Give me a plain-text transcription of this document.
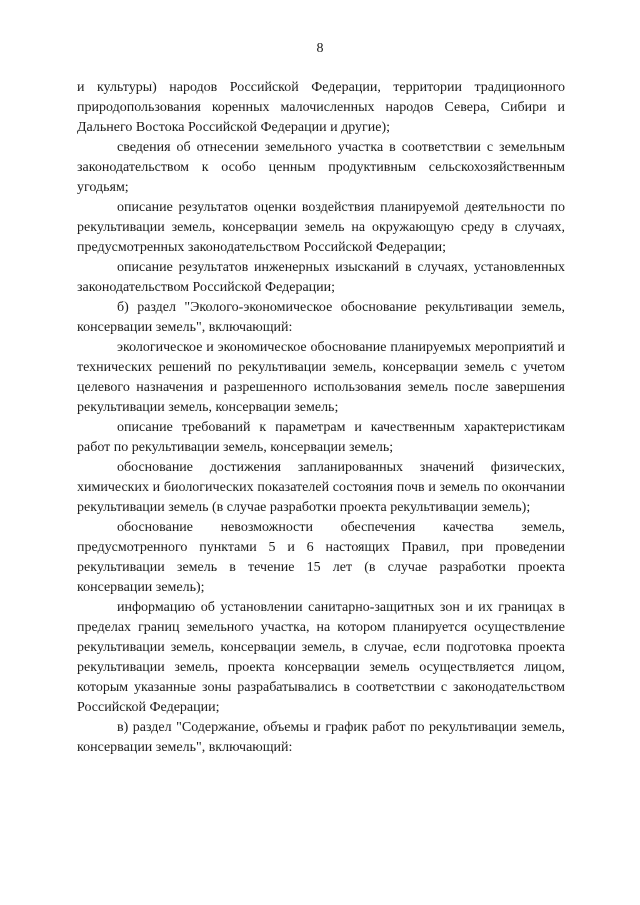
8

и культуры) народов Российской Федерации, территории традиционного природопользования коренных малочисленных народов Севера, Сибири и Дальнего Востока Российской Федерации и другие);

сведения об отнесении земельного участка в соответствии с земельным законодательством к особо ценным продуктивным сельскохозяйственным угодьям;

описание результатов оценки воздействия планируемой деятельности по рекультивации земель, консервации земель на окружающую среду в случаях, предусмотренных законодательством Российской Федерации;

описание результатов инженерных изысканий в случаях, установленных законодательством Российской Федерации;

б) раздел "Эколого-экономическое обоснование рекультивации земель, консервации земель", включающий:

экологическое и экономическое обоснование планируемых мероприятий и технических решений по рекультивации земель, консервации земель с учетом целевого назначения и разрешенного использования земель после завершения рекультивации земель, консервации земель;

описание требований к параметрам и качественным характеристикам работ по рекультивации земель, консервации земель;

обоснование достижения запланированных значений физических, химических и биологических показателей состояния почв и земель по окончании рекультивации земель (в случае разработки проекта рекультивации земель);

обоснование невозможности обеспечения качества земель, предусмотренного пунктами 5 и 6 настоящих Правил, при проведении рекультивации земель в течение 15 лет (в случае разработки проекта консервации земель);

информацию об установлении санитарно-защитных зон и их границах в пределах границ земельного участка, на котором планируется осуществление рекультивации земель, консервации земель, в случае, если подготовка проекта рекультивации земель, проекта консервации земель осуществляется лицом, которым указанные зоны разрабатывались в соответствии с законодательством Российской Федерации;

в) раздел "Содержание, объемы и график работ по рекультивации земель, консервации земель", включающий:
